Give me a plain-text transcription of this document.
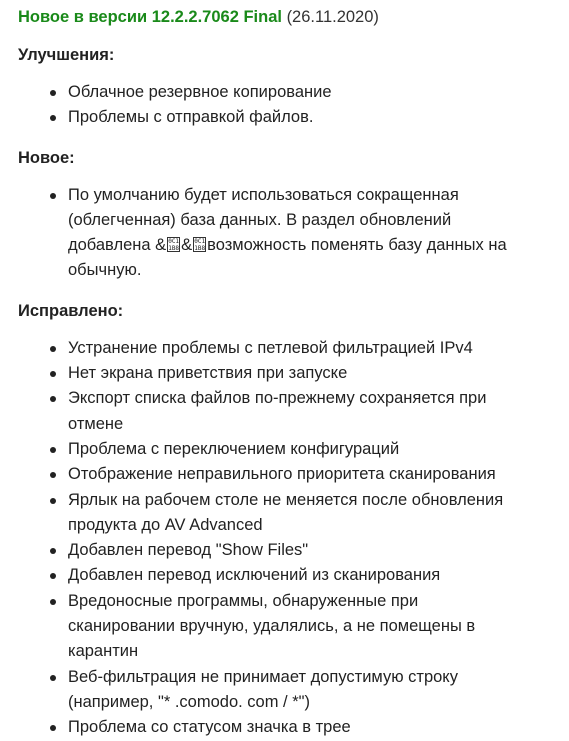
Новое в версии 12.2.2.7062 Final (26.11.2020)

Улучшения:
Облачное резервное копирование
Проблемы с отправкой файлов.
Новое:
По умолчанию будет использоваться сокращенная (облегченная) база данных. В раздел обновлений добавлена & 0C1 1B8 & 0C1 1B8 возможность поменять базу данных на обычную.
Исправлено:
Устранение проблемы с петлевой фильтрацией IPv4
Нет экрана приветствия при запуске
Экспорт списка файлов по-прежнему сохраняется при отмене
Проблема с переключением конфигураций
Отображение неправильного приоритета сканирования
Ярлык на рабочем столе не меняется после обновления продукта до AV Advanced
Добавлен перевод "Show Files"
Добавлен перевод исключений из сканирования
Вредоносные программы, обнаруженные при сканировании вручную, удалялись, а не помещены в карантин
Веб-фильтрация не принимает допустимую строку (например, "* .comodo. com / *")
Проблема со статусом значка в трее
